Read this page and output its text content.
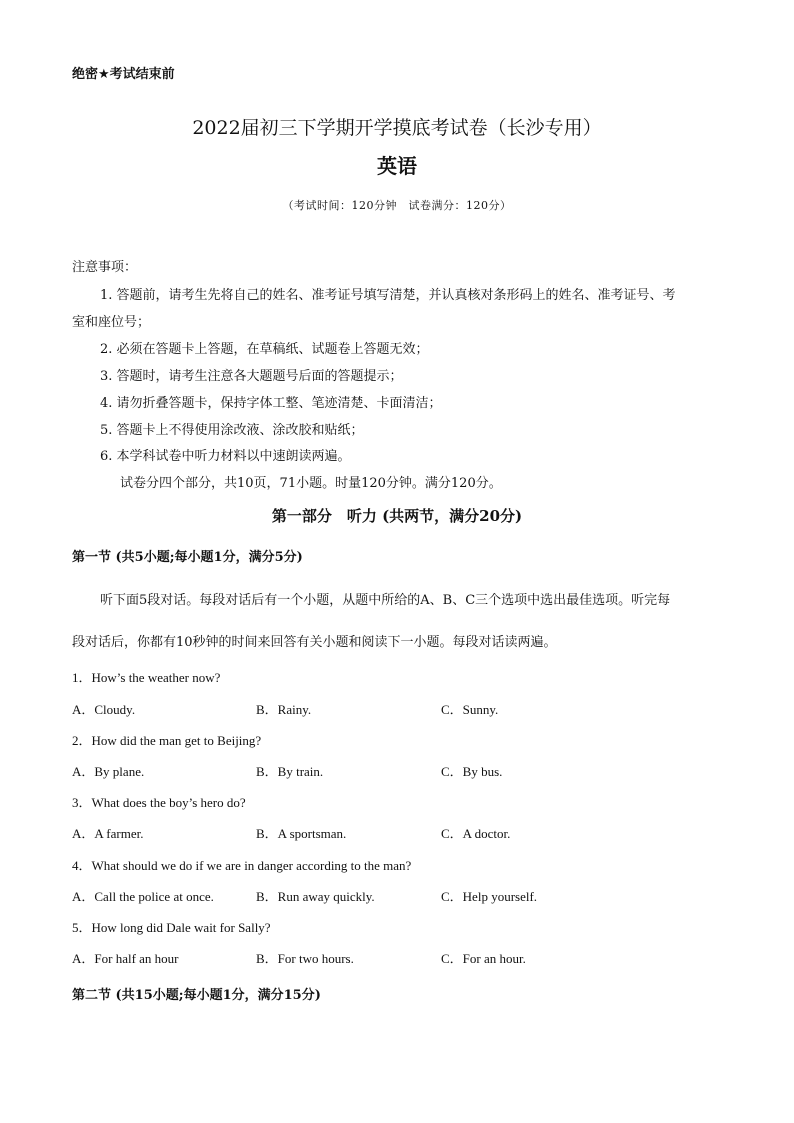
绝密★考试结束前
2022届初三下学期开学摸底考试卷（长沙专用）
英语
（考试时间：120分钟　试卷满分：120分）
注意事项：
1. 答题前，请考生先将自己的姓名、准考证号填写清楚，并认真核对条形码上的姓名、准考证号、考
室和座位号；
2. 必须在答题卡上答题，在草稿纸、试题卷上答题无效；
3. 答题时，请考生注意各大题题号后面的答题提示；
4. 请勿折叠答题卡，保持字体工整、笔迹清楚、卡面清洁；
5. 答题卡上不得使用涂改液、涂改胶和贴纸；
6. 本学科试卷中听力材料以中速朗读两遍。
试卷分四个部分，共10页，71小题。时量120分钟。满分120分。
第一部分　听力 (共两节，满分20分)
第一节 (共5小题;每小题1分，满分5分)
听下面5段对话。每段对话后有一个小题，从题中所给的A、B、C三个选项中选出最佳选项。听完每
段对话后，你都有10秒钟的时间来回答有关小题和阅读下一小题。每段对话读两遍。
1．How’s the weather now?
A．Cloudy.	B．Rainy.	C．Sunny.
2．How did the man get to Beijing?
A．By plane.	B．By train.	C．By bus.
3．What does the boy’s hero do?
A．A farmer.	B．A sportsman.	C．A doctor.
4．What should we do if we are in danger according to the man?
A．Call the police at once.	B．Run away quickly.	C．Help yourself.
5．How long did Dale wait for Sally?
A．For half an hour	B．For two hours.	C．For an hour.
第二节 (共15小题;每小题1分，满分15分)
